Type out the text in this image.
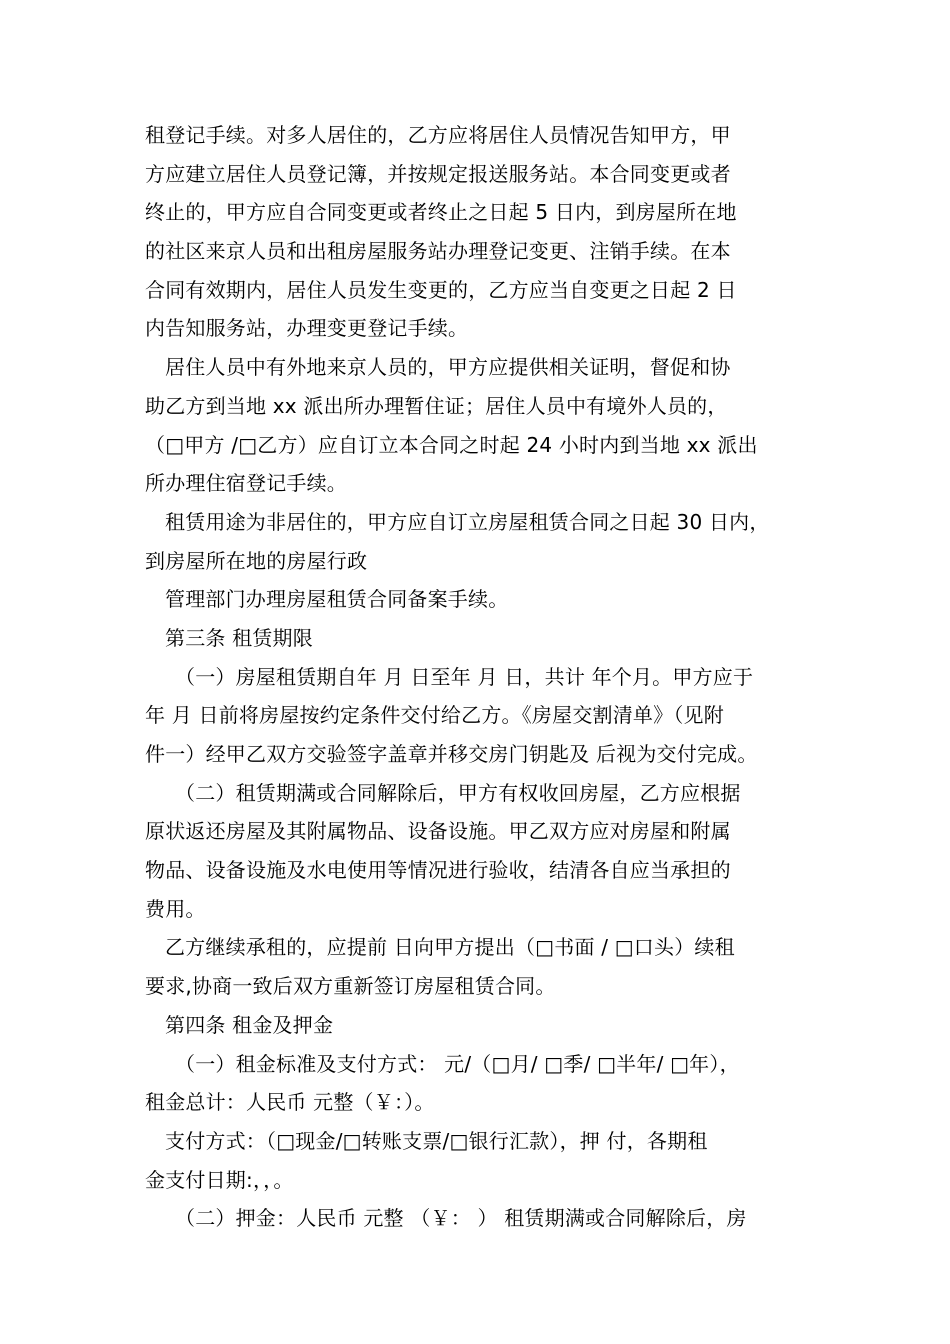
租登记手续。对多人居住的，乙方应将居住人员情况告知甲方，甲
方应建立居住人员登记簿，并按规定报送服务站。本合同变更或者
终止的，甲方应自合同变更或者终止之日起 5 日内，到房屋所在地
的社区来京人员和出租房屋服务站办理登记变更、注销手续。在本
合同有效期内，居住人员发生变更的，乙方应当自变更之日起 2 日
内告知服务站，办理变更登记手续。
居住人员中有外地来京人员的，甲方应提供相关证明，督促和协
助乙方到当地 xx 派出所办理暂住证；居住人员中有境外人员的，
（□甲方 /□乙方）应自订立本合同之时起 24 小时内到当地 xx 派出
所办理住宿登记手续。
租赁用途为非居住的，甲方应自订立房屋租赁合同之日起 30 日内，
到房屋所在地的房屋行政
管理部门办理房屋租赁合同备案手续。
第三条 租赁期限
（一）房屋租赁期自年 月 日至年 月 日，共计 年个月。甲方应于
年 月 日前将房屋按约定条件交付给乙方。《房屋交割清单》（见附
件一）经甲乙双方交验签字盖章并移交房门钥匙及 后视为交付完成。
（二）租赁期满或合同解除后，甲方有权收回房屋，乙方应根据
原状返还房屋及其附属物品、设备设施。甲乙双方应对房屋和附属
物品、设备设施及水电使用等情况进行验收，结清各自应当承担的
费用。
乙方继续承租的，应提前 日向甲方提出（□书面 / □口头）续租
要求,协商一致后双方重新签订房屋租赁合同。
第四条 租金及押金
（一）租金标准及支付方式： 元/（□月/ □季/ □半年/ □年），
租金总计：人民币 元整（￥：）。
支付方式：（□现金/□转账支票/□银行汇款），押 付，各期租
金支付日期:，，。
（二）押金：人民币 元整 （￥： ） 租赁期满或合同解除后，房
